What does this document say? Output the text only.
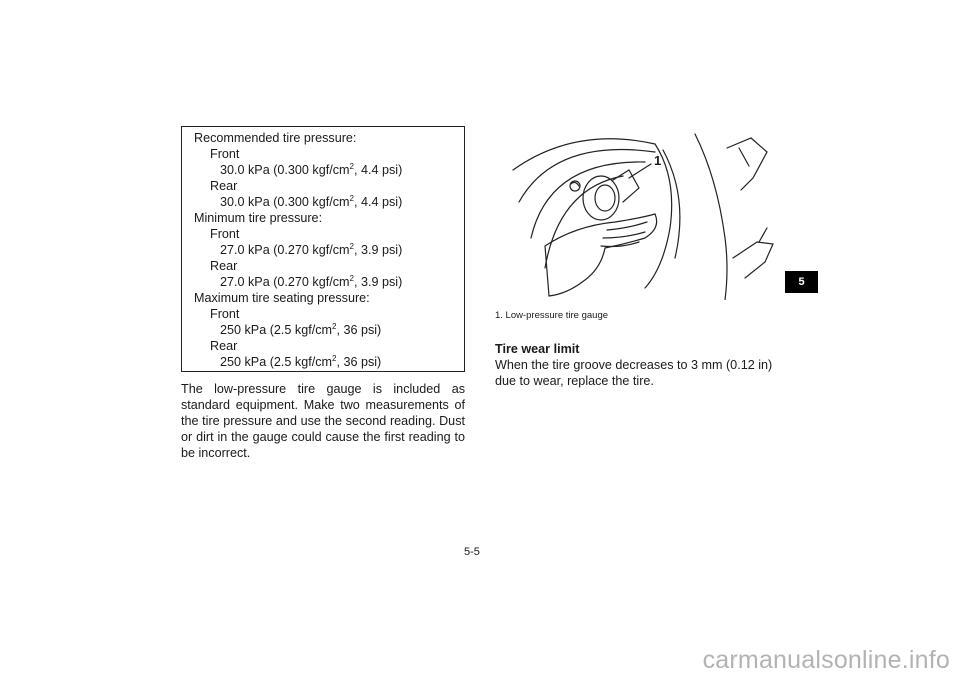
Recommended tire pressure:
Front
30.0 kPa (0.300 kgf/$cm^2$, 4.4 psi)
Rear
30.0 kPa (0.300 kgf/$cm^2$, 4.4 psi)
Minimum tire pressure:
Front
27.0 kPa (0.270 kgf/$cm^2$, 3.9 psi)
Rear
27.0 kPa (0.270 kgf/$cm^2$, 3.9 psi)
Maximum tire seating pressure:
Front
250 kPa (2.5 kgf/$cm^2$, 36 psi)
Rear
250 kPa (2.5 kgf/$cm^2$, 36 psi)

The low-pressure tire gauge is included as standard equipment. Make two measurements of the tire pressure and use the second reading. Dust or dirt in the gauge could cause the first reading to be incorrect.

1
1. Low-pressure tire gauge
Tire wear limit

When the tire groove decreases to 3 mm (0.12 in) due to wear, replace the tire.

5
5-5
carmanualsonline.info
